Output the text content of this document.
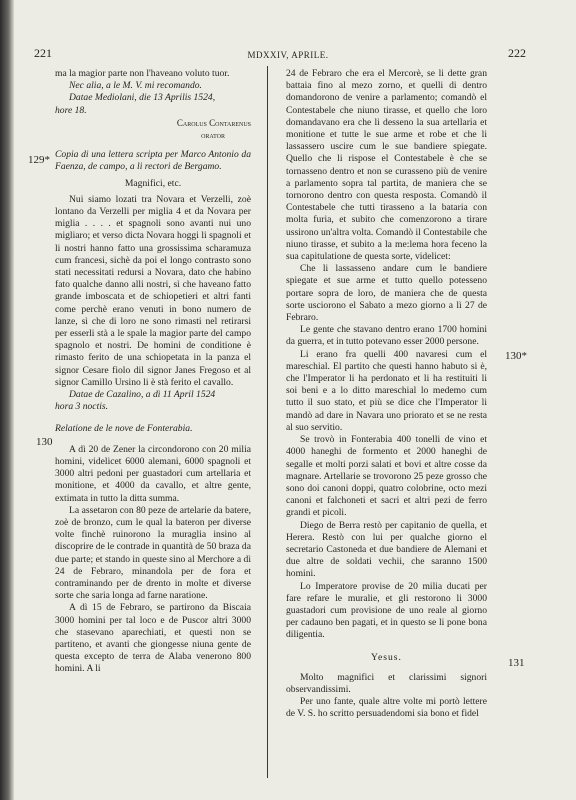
221	MDXXIV, APRILE.	222
129*
130
130*
131

ma la magior parte non l'haveano voluto tuor.

Nec alia, a le M. V. mi recomando.

Datae Mediolani, die 13 Aprilis 1524,

hore 18.

Carolus Contarenus

orator

Copia di una lettera scripta per Marco Antonio da Faenza, de campo, a li rectori de Bergamo.

Magnifici, etc.

Nui siamo lozati tra Novara et Verzelli, zoè lontano da Verzelli per miglia 4 et da Novara per miglia . . . . et spagnoli sono avanti nui uno migliaro; et verso dicta Novara hoggi li spagnoli et li nostri hanno fatto una grossissima scharamuza cum francesi, sichè da poi el longo contrasto sono stati necessitati redursi a Novara, dato che habino fato qualche danno alli nostri, sì che haveano fatto grande imboscata et de schiopetieri et altri fanti come perchè erano venuti in bono numero de lanze, sì che di loro ne sono rimasti nel retirarsi per esserli stà a le spale la magior parte del campo spagnolo et nostri. De homini de conditione è rimasto ferito de una schiopetata in la panza el signor Cesare fiolo dil signor Janes Fregoso et al signor Camillo Ursino li è stà ferito el cavallo.

Datae de Cazalino, a dì 11 April 1524

hora 3 noctis.

Relatione de le nove de Fonterabia.

A dì 20 de Zener la circondorono con 20 milia homini, videlicet 6000 alemani, 6000 spagnoli et 3000 altri pedoni per guastadori cum artellaria et monitione, et 4000 da cavallo, et altre gente, extimata in tutto la ditta summa.

La assetaron con 80 peze de artelarie da batere, zoè de bronzo, cum le qual la bateron per diverse volte finchè ruinorono la muraglia insino al discoprire de le contrade in quantità de 50 braza da due parte; et stando in queste sino al Merchore a dì 24 de Febraro, minandola per de fora et contraminando per de drento in molte et diverse sorte che saria longa ad farne naratione.

A dì 15 de Febraro, se partirono da Biscaia 3000 homini per tal loco e de Puscor altri 3000 che stasevano aparechiati, et questi non se partiteno, et avanti che giongesse niuna gente de questa excepto de terra de Alaba venerono 800 homini. A li

24 de Febraro che era el Mercorè, se li dette gran battaia fino al mezo zorno, et quelli di dentro domandorono de venire a parlamento; comandò el Contestabele che niuno tirasse, et quello che loro domandavano era che li desseno la sua artellaria et monitione et tutte le sue arme et robe et che li lassassero uscire cum le sue bandiere spiegate. Quello che li rispose el Contestabele è che se tornasseno dentro et non se curasseno più de venire a parlamento sopra tal partita, de maniera che se tornorono dentro con questa resposta. Comandò il Contestabele che tutti tirasseno a la bataria con molta furia, et subito che comenzorono a tirare ussirono un'altra volta. Comandò il Contestabile che niuno tirasse, et subito a la me:lema hora feceno la sua capitulatione de questa sorte, videlicet:

Che li lassasseno andare cum le bandiere spiegate et sue arme et tutto quello potesseno portare sopra de loro, de maniera che de questa sorte usciorono el Sabato a mezo giorno a lì 27 de Febraro.

Le gente che stavano dentro erano 1700 homini da guerra, et in tutto potevano esser 2000 persone.

Li erano fra quelli 400 navaresi cum el mareschial. El partito che questi hanno habuto si è, che l'Imperator li ha perdonato et li ha restituiti li soi beni e a lo ditto mareschial lo medemo cum tutto il suo stato, et più se dice che l'Imperator li mandò ad dare in Navara uno priorato et se ne resta al suo servitio.

Se trovò in Fonterabia 400 tonelli de vino et 4000 haneghi de formento et 2000 haneghi de segalle et molti porzi salati et bovi et altre cosse da magnare. Artellarie se trovorono 25 peze grosso che sono doi canoni doppi, quatro colobrine, octo mezi canoni et falchoneti et sacri et altri pezi de ferro grandi et picoli.

Diego de Berra restò per capitanio de quella, et Herera. Restò con lui per qualche giorno el secretario Castoneda et due bandiere de Alemani et due altre de soldati vechii, che saranno 1500 homini.

Lo Imperatore provise de 20 milia ducati per fare refare le muralie, et gli restorono li 3000 guastadori cum provisione de uno reale al giorno per cadauno ben pagati, et in questo se li pone bona diligentia.

Yesus.

Molto magnifici et clarissimi signori observandissimi.

Per uno fante, quale altre volte mi portò lettere de V. S. ho scritto persuadendomi sia bono et fidel
